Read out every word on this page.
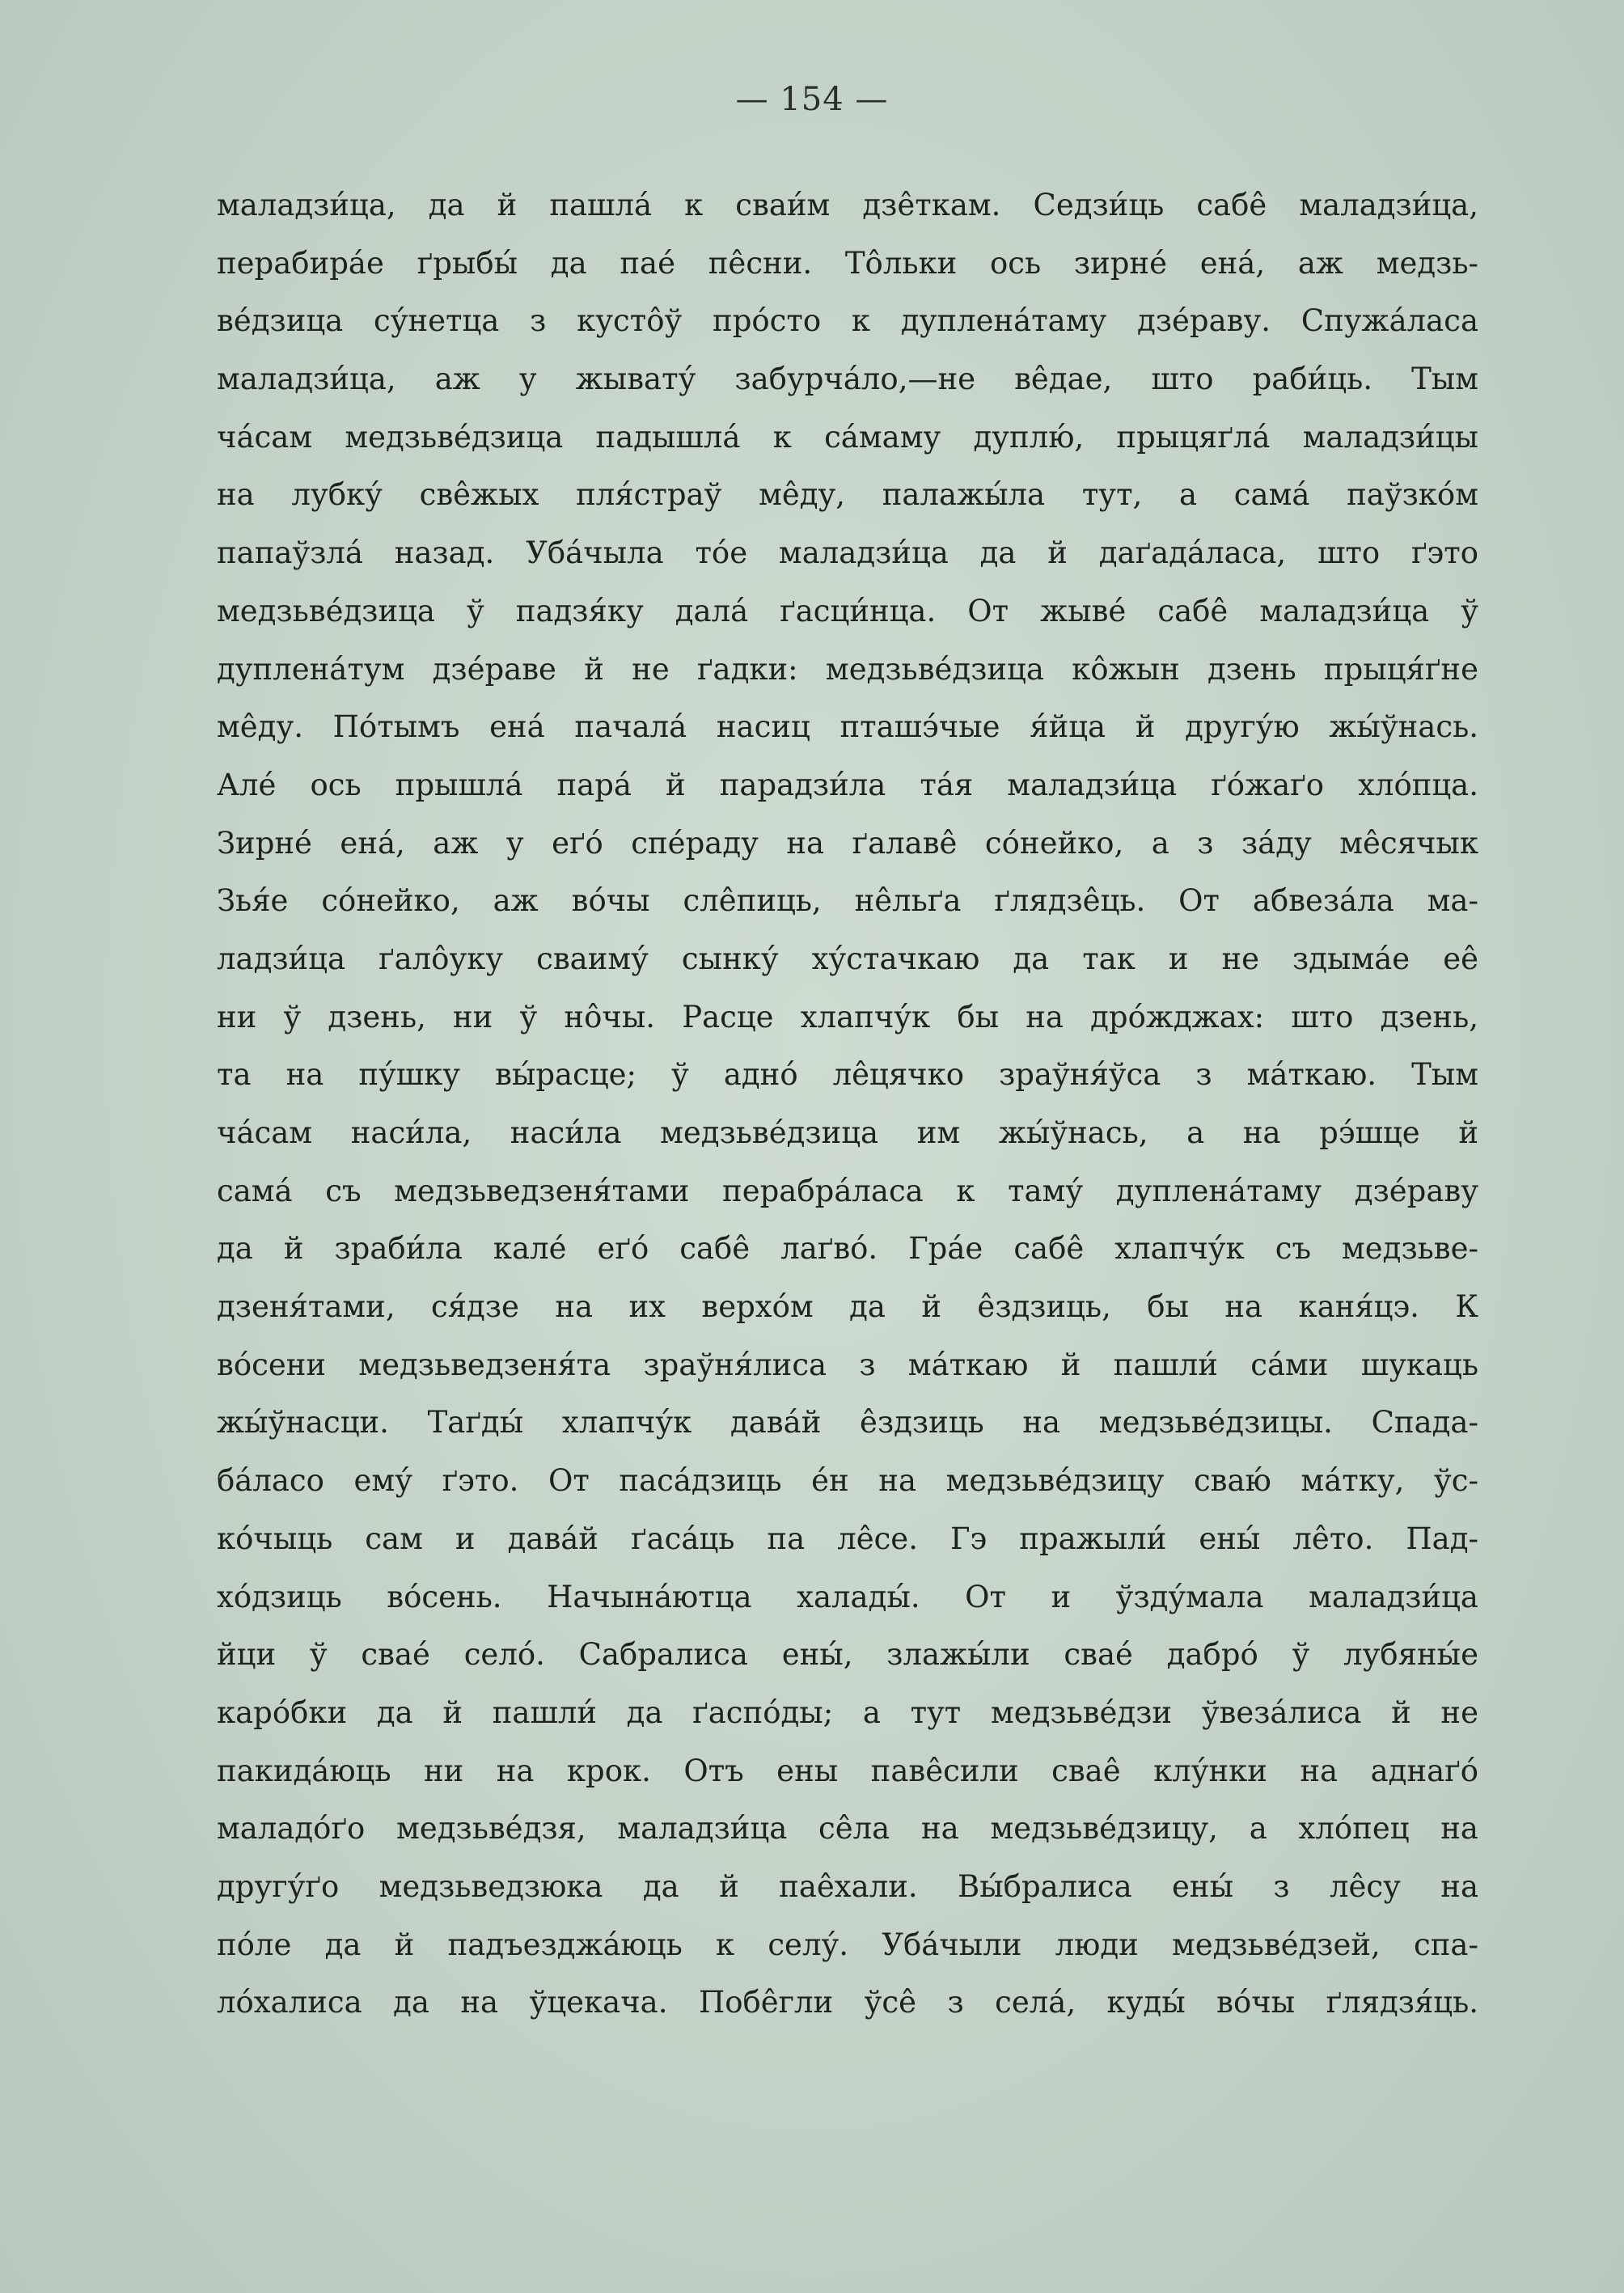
— 154 —
маладзи́ца, да й пашла́ к сваи́м дзе̂ткам. Седзи́ць сабе̂ маладзи́ца,
перабира́е ґрыбы́ да пае́ пе̂сни. То̂льки ось зирне́ ена́, аж медзь-
ве́дзица су́нетца з кусто̂ў про́сто к дуплена́таму дзе́раву. Спужа́ласа
маладзи́ца, аж у жывату́ забурча́ло,—не ве̂дае, што раби́ць. Тым
ча́сам медзьве́дзица падышла́ к са́маму дуплю́, прыцяґла́ маладзи́цы
на лубку́ све̂жых пля́страў ме̂ду, палажы́ла тут, а сама́ паўзко́м
папаўзла́ назад. Уба́чыла то́е маладзи́ца да й даґада́ласа, што ґэто
медзьве́дзица ў падзя́ку дала́ ґасци́нца. От жыве́ сабе̂ маладзи́ца ў
дуплена́тум дзе́раве й не ґадки: медзьве́дзица ко̂жын дзень прыця́ґне
ме̂ду. По́тымъ ена́ пачала́ насиц пташэ́чые я́йца й другу́ю жы́ўнась.
Але́ ось прышла́ пара́ й парадзи́ла та́я маладзи́ца ґо́жаґо хло́пца.
Зирне́ ена́, аж у еґо́ спе́раду на ґалаве̂ со́нейко, а з за́ду ме̂сячык
Зья́е со́нейко, аж во́чы сле̂пиць, не̂льґа ґлядзе̂ць. От абвеза́ла ма-
ладзи́ца ґало̂уку сваиму́ сынку́ ху́стачкаю да так и не здыма́е ее̂
ни ў дзень, ни ў но̂чы. Расце хлапчу́к бы на дро́жджах: што дзень,
та на пу́шку вы́расце; ў адно́ ле̂цячко зраўня́ўса з ма́ткаю. Тым
ча́сам наси́ла, наси́ла медзьве́дзица им жы́ўнась, а на рэ́шце й
сама́ съ медзьведзеня́тами перабра́ласа к таму́ дуплена́таму дзе́раву
да й зраби́ла кале́ еґо́ сабе̂ лаґво́. Гра́е сабе̂ хлапчу́к съ медзьве-
дзеня́тами, ся́дзе на их верхо́м да й е̂здзиць, бы на каня́цэ. К
во́сени медзьведзеня́та зраўня́лиса з ма́ткаю й пашли́ са́ми шукаць
жы́ўнасци. Таґды́ хлапчу́к дава́й е̂здзиць на медзьве́дзицы. Спада-
ба́ласо ему́ ґэто. От паса́дзиць е́н на медзьве́дзицу сваю́ ма́тку, ўс-
ко́чыць сам и дава́й ґаса́ць па ле̂се. Гэ пражыли́ ены́ ле̂то. Пад-
хо́дзиць во́сень. Начына́ютца халады́. От и ўзду́мала маладзи́ца
йци ў свае́ село́. Сабралиса ены́, злажы́ли свае́ дабро́ ў лубяны́е
каро́бки да й пашли́ да ґаспо́ды; а тут медзьве́дзи ўвеза́лиса й не
пакида́юць ни на крок. Отъ ены паве̂сили свае̂ клу́нки на аднаґо́
маладо́ґо медзьве́дзя, маладзи́ца се̂ла на медзьве́дзицу, а хло́пец на
другу́ґо медзьведзюка да й пае̂хали. Вы́бралиса ены́ з ле̂су на
по́ле да й падъезджа́юць к селу́. Уба́чыли люди медзьве́дзей, спа-
ло́халиса да на ўцекача. Побе̂гли ўсе̂ з села́, куды́ во́чы ґлядзя́ць.
